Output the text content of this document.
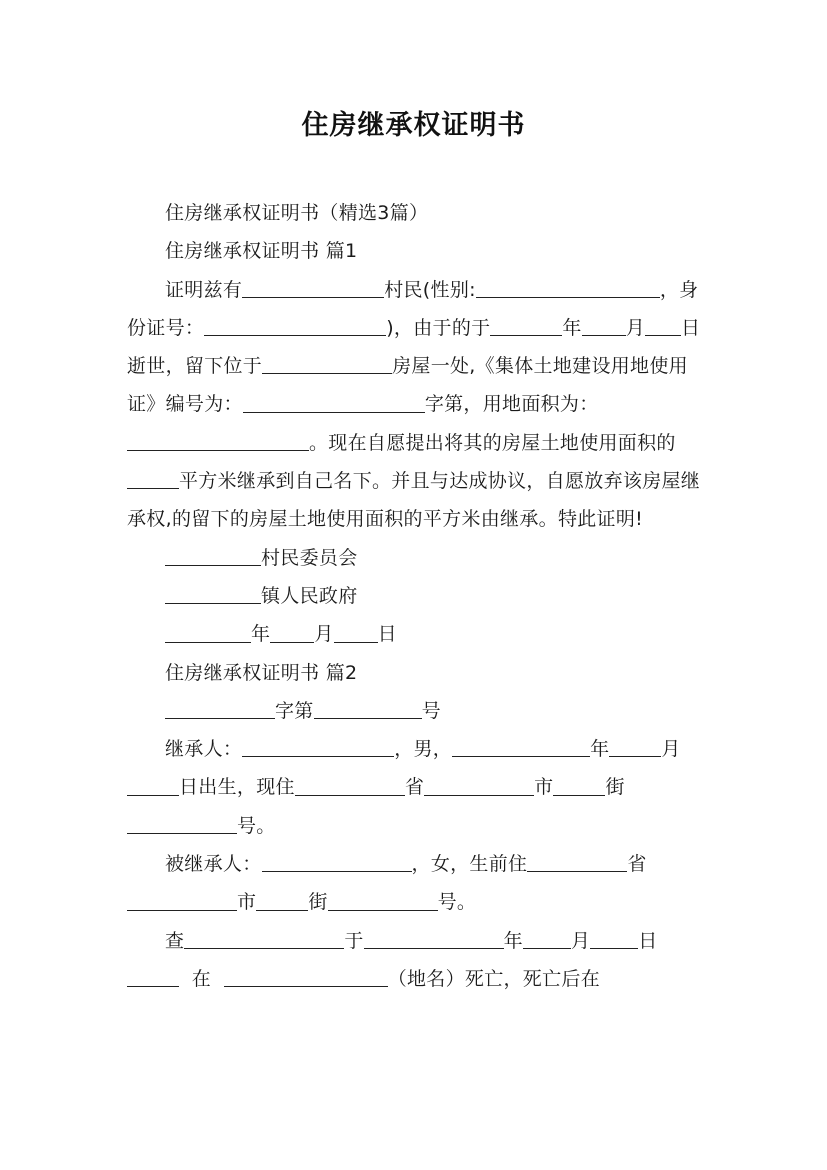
住房继承权证明书

住房继承权证明书（精选3篇）

住房继承权证明书 篇1

证明兹有	村民(性别:	，身份证号：	)，由于的于	年 月 日逝世，留下位于	房屋一处,《集体土地建设用地使用证》编号为：	字第，用地面积为：。现在自愿提出将其的房屋土地使用面积的平方米继承到自己名下。并且与达成协议，自愿放弃该房屋继承权,的留下的房屋土地使用面积的平方米由继承。特此证明!

村民委员会

镇人民政府

年 月 日

住房继承权证明书 篇2

字第	号

继承人：	，男，	年	月日出生，现住	省	市	街号。

被继承人：	，女，生前住	省市	街	号。

查	于	年	月	日  在	（地名）死亡，死亡后在
